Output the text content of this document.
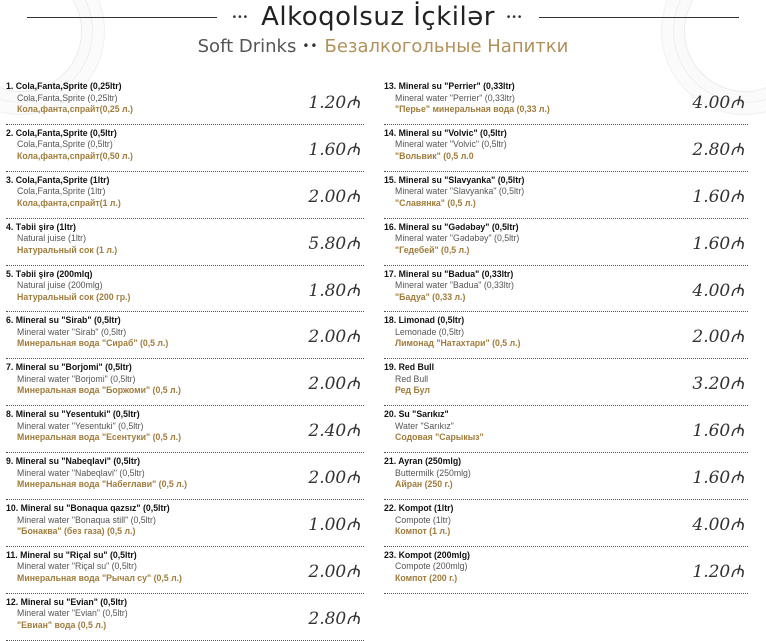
••• Alkoqolsuz İçkilər •••
Soft Drinks •• Безалкогольные Напитки
1. Cola,Fanta,Sprite (0,25ltr)
Cola,Fanta,Sprite (0,25ltr)
Кола,фанта,спрайт(0,25 л.)	1.20₼
2. Cola,Fanta,Sprite (0,5ltr)
Cola,Fanta,Sprite (0,5ltr)
Кола,фанта,спрайт(0,50 л.)	1.60₼
3. Cola,Fanta,Sprite (1ltr)
Cola,Fanta,Sprite (1ltr)
Кола,фанта,спрайт(1 л.)	2.00₼
4. Təbii şirə (1ltr)
Natural juise (1ltr)
Натуральный сок (1 л.)	5.80₼
5. Təbii şirə (200mlq)
Natural juise (200mlg)
Натуральный сок (200 гр.)	1.80₼
6. Mineral su "Sirab" (0,5ltr)
Mineral water "Sirab" (0,5ltr)
Минеральная вода "Сираб" (0,5 л.)	2.00₼
7. Mineral su "Borjomi" (0,5ltr)
Mineral water "Borjomi" (0,5ltr)
Минеральная вода "Боржоми" (0,5 л.)	2.00₼
8. Mineral su "Yesentuki" (0,5ltr)
Mineral water "Yesentuki" (0,5ltr)
Минеральная вода "Есентуки" (0,5 л.)	2.40₼
9. Mineral su "Nabeqlavi" (0,5ltr)
Mineral water "Nabeqlavi" (0,5ltr)
Минеральная вода "Набеглави" (0,5 л.)	2.00₼
10. Mineral su "Bonaqua qazsız" (0,5ltr)
Mineral water "Bonaqua still" (0,5ltr)
"Бонаква" (без газа) (0,5 л.)	1.00₼
11. Mineral su "Riçal su" (0,5ltr)
Mineral water "Riçal su" (0,5ltr)
Минеральная вода "Рычал су" (0,5 л.)	2.00₼
12. Mineral su "Evian" (0,5ltr)
Mineral water "Evian" (0,5ltr)
"Евиан" вода (0,5 л.)	2.80₼
13. Mineral su "Perrier" (0,33ltr)
Mineral water "Perrier" (0,33ltr)
"Перье" минеральная вода (0,33 л.)	4.00₼
14. Mineral su "Volvic" (0,5ltr)
Mineral water "Volvic" (0,5ltr)
"Вольвик" (0,5 л.0	2.80₼
15. Mineral su "Slavyanka" (0,5ltr)
Mineral water "Slavyanka" (0,5ltr)
"Славянка" (0,5 л.)	1.60₼
16. Mineral su "Gədəbəy" (0,5ltr)
Mineral water "Gədəbəy" (0,5ltr)
"Гедебей" (0,5 л.)	1.60₼
17. Mineral su "Badua" (0,33ltr)
Mineral water "Badua" (0,33ltr)
"Бадуа" (0,33 л.)	4.00₼
18. Limonad (0,5ltr)
Lemonade (0,5ltr)
Лимонад "Натахтари" (0,5 л.)	2.00₼
19. Red Bull
Red Bull
Ред Бул	3.20₼
20. Su "Sarıkız"
Water "Sarıkız"
Содовая "Сарыкыз"	1.60₼
21. Ayran (250mlg)
Buttermilk (250mlg)
Айран (250 г.)	1.60₼
22. Kompot (1ltr)
Compote (1ltr)
Компот (1 л.)	4.00₼
23. Kompot (200mlg)
Compote (200mlg)
Компот (200 г.)	1.20₼
